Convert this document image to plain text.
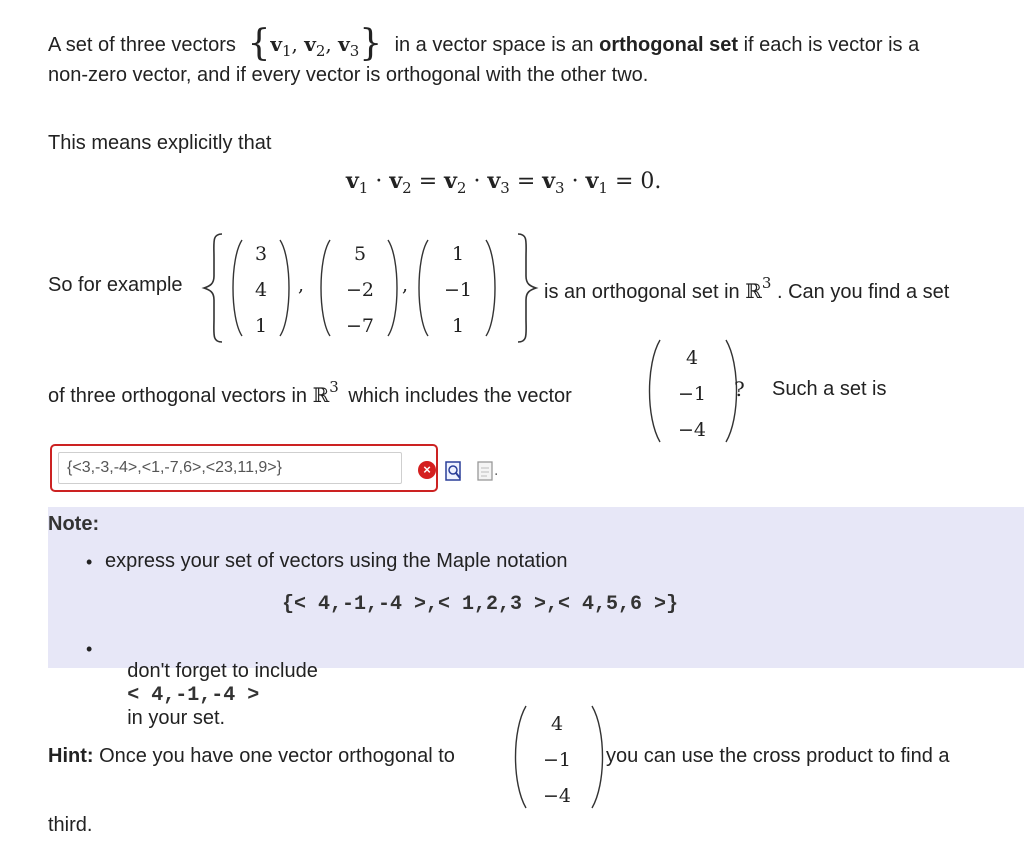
A set of three vectors {$v_1$, $v_2$, $v_3$} in a vector space is an orthogonal set if each is vector is a
non-zero vector, and if every vector is orthogonal with the other two.
This means explicitly that
$v_1 \cdot v_2 = v_2 \cdot v_3 = v_3 \cdot v_1 = 0$.
So for example
3
4
1
,
5
−2
−7
,
1
−1
1
is an orthogonal set in ℝ$^3$ . Can you find a set
of three orthogonal vectors in ℝ$^3$ which includes the vector
4
−1
−4
? Such a set is
{<3,-3,-4>,<1,-7,6>,<23,11,9>}	×	.
Note:
• express your set of vectors using the Maple notation
{< 4,-1,-4 >,< 1,2,3 >,< 4,5,6 >}
•

don't forget to include
< 4,-1,-4 >
in your set.

Hint: Once you have one vector orthogonal to
4
−1
−4
you can use the cross product to find a
third.
